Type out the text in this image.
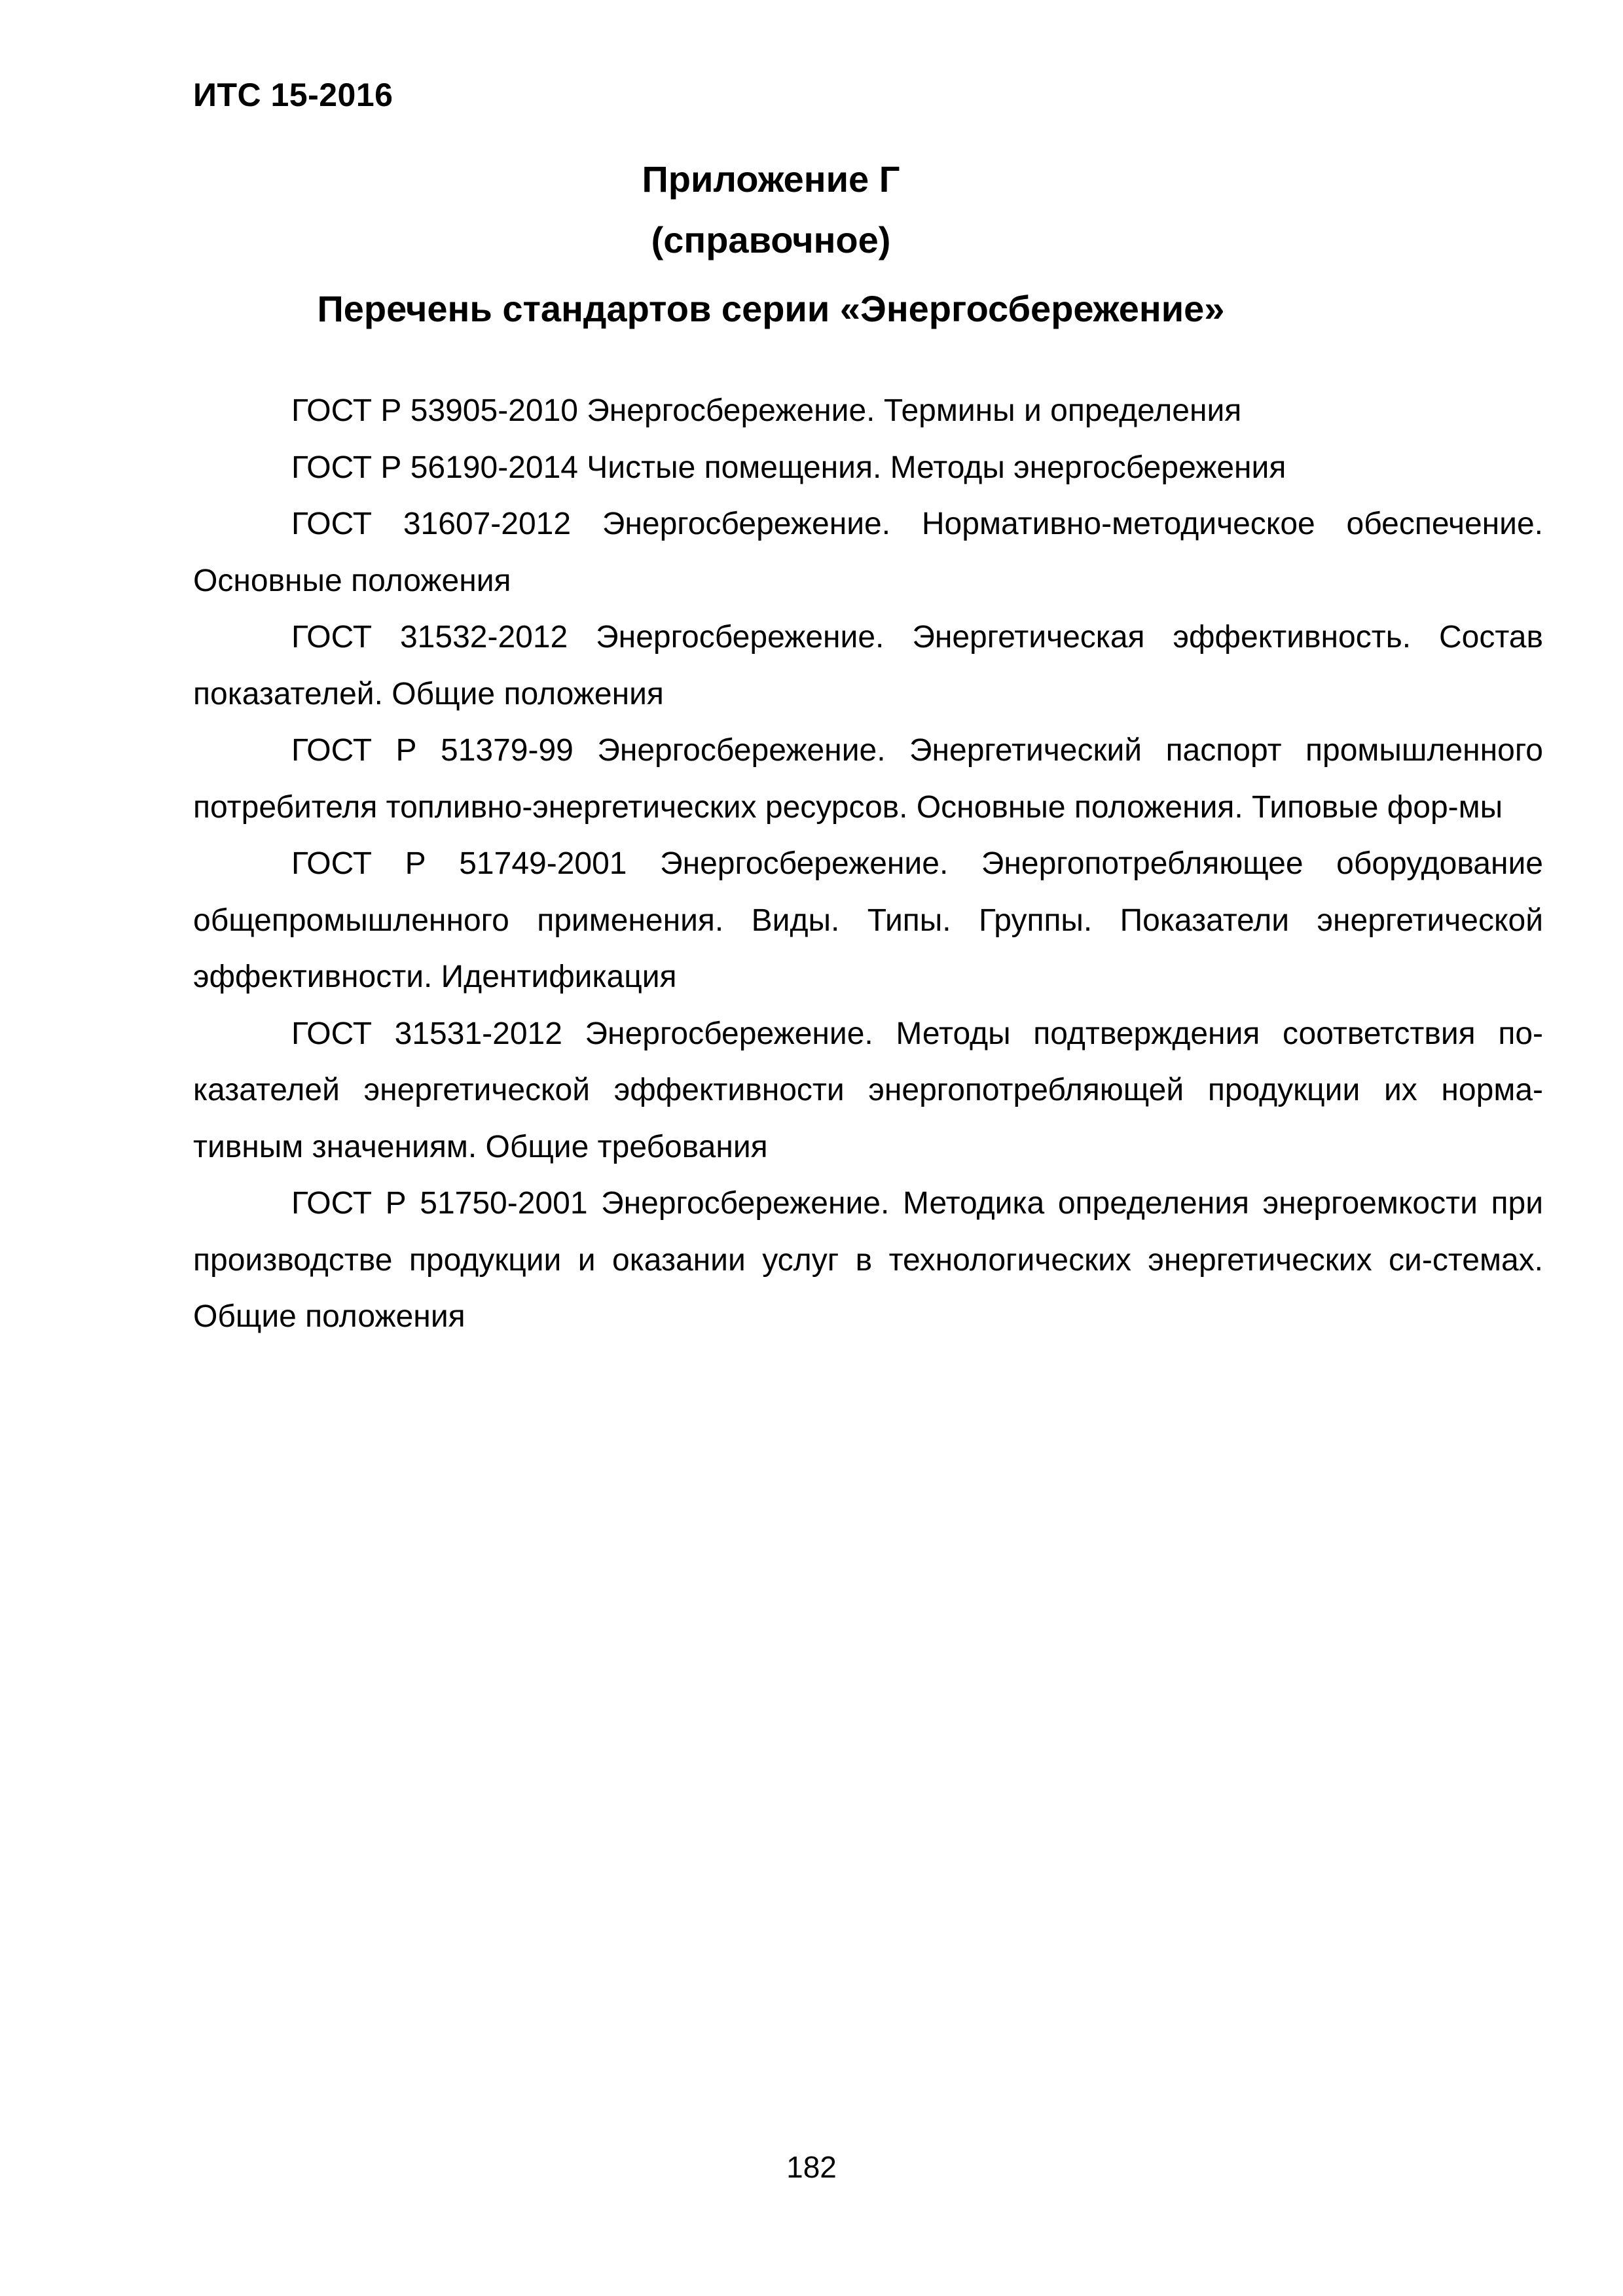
ИТС 15-2016
Приложение Г
(справочное)
Перечень стандартов серии «Энергосбережение»

ГОСТ Р 53905-2010 Энергосбережение. Термины и определения

ГОСТ Р 56190-2014 Чистые помещения. Методы энергосбережения

ГОСТ 31607-2012 Энергосбережение. Нормативно-методическое обеспечение. Основные положения

ГОСТ 31532-2012 Энергосбережение. Энергетическая эффективность. Состав показателей. Общие положения

ГОСТ Р 51379-99 Энергосбережение. Энергетический паспорт промышленного потребителя топливно-энергетических ресурсов. Основные положения. Типовые фор-мы

ГОСТ Р 51749-2001 Энергосбережение. Энергопотребляющее оборудование общепромышленного применения. Виды. Типы. Группы. Показатели энергетической эффективности. Идентификация

ГОСТ 31531-2012 Энергосбережение. Методы подтверждения соответствия по-казателей энергетической эффективности энергопотребляющей продукции их норма-тивным значениям. Общие требования

ГОСТ Р 51750-2001 Энергосбережение. Методика определения энергоемкости при производстве продукции и оказании услуг в технологических энергетических си-стемах. Общие положения

182
